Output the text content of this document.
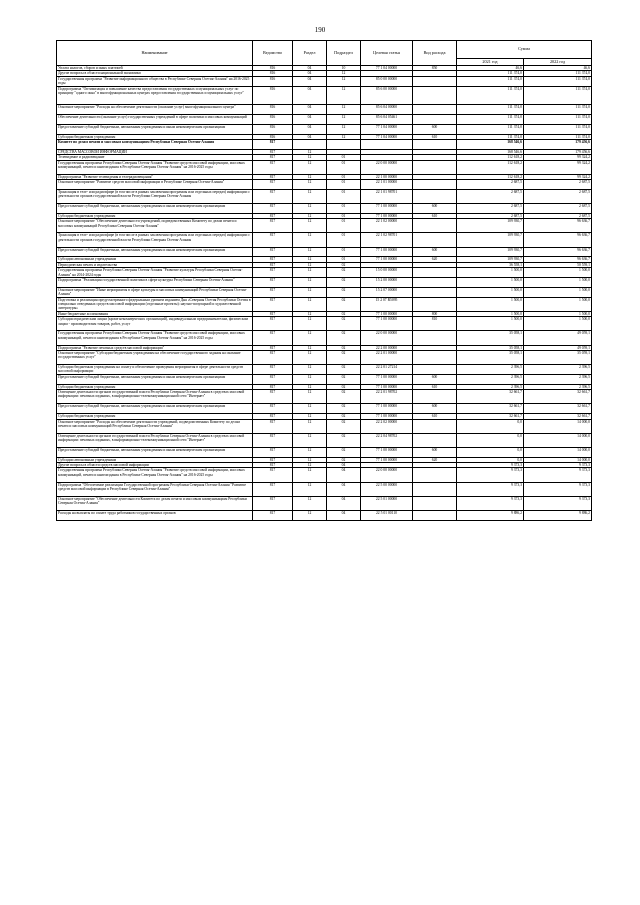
190
Наименование	Ведомство	Раздел	Подраздел	Целевая статья	Вид расхода	Сумма	
						2021 год	2022 год
Уплата налогов, сборов и иных платежей	816	04	10	77 1 04 00000	850	46,6	46,6
Другие вопросы в области национальной экономики	816	04	12			111 374,0	111 374,0
Государственная программа "Развитие информационного общества в Республике Северная Осетия-Алания" на 2016-2025 годы	816	04	12	85 0 00 00000		111 374,0	111 374,0
Подпрограмма "Оптимизация и повышение качества предоставления государственных и муниципальных услуг по принципу "одного окна" в многофункциональных центрах предоставления государственных и муниципальных услуг"	816	04	12	85 6 00 00000		111 374,0	111 374,0
Основное мероприятие "Расходы на обеспечение деятельности (оказание услуг) многофункционального центра"	816	04	12	85 6 04 00000		111 374,0	111 374,0
Обеспечение деятельности (оказание услуг) государственных учреждений в сфере политики и массовых коммуникаций	816	04	12	85 6 04 05461		111 374,0	111 374,0
Предоставление субсидий бюджетным, автономным учреждениям и иным некоммерческим организациям	816	04	12	77 1 04 00000	600	111 374,0	111 374,0
Субсидии бюджетным учреждениям	816	04	12	77 1 04 00000	610	111 374,0	111 374,0
Комитет по делам печати и массовым коммуникациям Республики Северная Осетия-Алания	817					168 546,6	179 456,6
СРЕДСТВА МАССОВОЙ ИНФОРМАЦИИ	817	12				168 546,6	179 456,6
Телевидение и радиовещание	817	12	01			112 618,2	99 324,2
Государственная программа Республики Северная Осетия-Алания "Развитие средств массовой информации, массовых коммуникаций, печати и книгоиздания в Республике Северная Осетия-Алания" на 2016-2025 годы	817	12	01	22 0 00 00000		112 618,2	99 324,2
Подпрограмма "Развитие телевидения и телерадиовещания"	817	12	01	22 1 00 00000		112 618,2	99 324,2
Основное мероприятие "Развитие средств массовой информации в Республике Северная Осетия-Алания"	817	12	01	22 1 01 00000		2 687,5	2 687,5
Трансляция в теле- или радиоэфире (в том числе в рамках заключения программы или отдельных передач) информации о деятельности органов государственной власти Республики Северная Осетия-Алания	817	12	01	22 1 01 98701		2 687,5	2 687,5
Предоставление субсидий бюджетным, автономным учреждениям и иным некоммерческим организациям	817	12	01	77 1 00 00000	600	2 687,5	2 687,5
Субсидии бюджетным учреждениям	817	12	01	77 1 00 00000	610	2 687,5	2 687,5
Основное мероприятие "Обеспечение деятельности учреждений, подведомственных Комитету по делам печати и массовых коммуникаций Республики Северная Осетия-Алания"	817	12	01	22 1 02 00000		109 930,7	96 636,7
Трансляция в теле- или радиоэфире (в том числе в рамках заключения программы или отдельных передач) информации о деятельности органов государственной власти Республики Северная Осетия-Алания	817	12	01	22 1 02 98701		109 930,7	96 636,7
Предоставление субсидий бюджетным, автономным учреждениям и иным некоммерческим организациям	817	12	01	77 1 00 00000	600	109 930,7	96 636,7
Субсидии автономным учреждениям	817	12	01	77 1 00 00000	620	109 930,7	96 636,7
Периодическая печать и издательства	817	12	02			36 558,1	50 559,1
Государственная программа Республики Северная Осетия-Алания "Развитие культуры Республики Северная Осетия-Алания" на 2014-2024 годы	817	12	02	15 0 00 00000		1 500,0	1 500,0
Подпрограмма "Реализация государственной политики в сфере культуры Республики Северная Осетия-Алания"	817	12	02	15 2 00 00000		1 500,0	1 500,0
Основное мероприятие "Иные мероприятия в сфере культуры и массовых коммуникаций Республики Северная Осетия-Алания"	817	12	02	15 2 07 00000		1 500,0	1 500,0
Подготовка и реализация предусмотренного федеральным уровнем изданием Дня «Северная Осетия Республики Осетия в специально отведенных средств массовой информации (отдельные проекты): научно-популярной и художественной литературы»	817	12	02	15 2 07 R5095		1 500,0	1 500,0
Иные бюджетные ассигнования	817	12	02	77 1 00 00000	800	1 500,0	1 500,0
Субсидии юридическим лицам (кроме некоммерческих организаций), индивидуальным предпринимателям, физическим лицам - производителям товаров, работ, услуг	817	12	02	77 1 00 00000	810	1 500,0	1 500,0
Государственная программа Республики Северная Осетия-Алания "Развитие средств массовой информации, массовых коммуникаций, печати и книгоиздания в Республике Северная Осетия-Алания" на 2016-2025 годы	817	12	02	22 0 00 00000		35 058,1	49 059,1
Подпрограмма "Развитие печатных средств массовой информации"	817	12	02	22 2 00 00000		35 058,1	49 059,1
Основное мероприятие "Субсидии бюджетным учреждениям на обеспечение государственного задания на оказание государственных услуг"	817	12	02	22 2 01 00000		35 058,1	35 059,1
Субсидии бюджетным учреждениям на оплату и обеспечение проведения мероприятия в сфере деятельности средств массовой информации	817	12	02	22 2 01 27214		2 396,5	2 396,5
Предоставление субсидий бюджетным, автономным учреждениям и иным некоммерческим организациям	817	12	02	77 1 00 00000	600	2 396,5	2 396,5
Субсидии бюджетным учреждениям	817	12	02	77 1 00 00000	610	2 396,5	2 396,5
Освещение деятельности органов государственной власти Республики Северная Осетия-Алания в средствах массовой информации: печатных изданиях, в информационно-телекоммуникационной сети "Интернет"	817	12	02	22 2 01 98702		32 661,7	32 661,7
Предоставление субсидий бюджетным, автономным учреждениям и иным некоммерческим организациям	817	12	02	77 1 00 00000	600	32 661,7	32 661,7
Субсидии бюджетным учреждениям	817	12	02	77 1 00 00000	610	32 661,7	32 661,7
Основное мероприятие "Расходы на обеспечение деятельности учреждений, подведомственных Комитету по делам печати и массовых коммуникаций Республики Северная Осетия-Алания"	817	12	02	22 2 02 00000		0,0	14 000,0
Освещение деятельности органов государственной власти Республики Северная Осетия-Алания в средствах массовой информации: печатных изданиях, в информационно-телекоммуникационной сети "Интернет"	817	12	02	22 2 04 98702		0,0	14 000,0
Предоставление субсидий бюджетным, автономным учреждениям и иным некоммерческим организациям	817	12	02	77 1 00 00000	600	0,0	14 000,0
Субсидии автономным учреждениям	817	12	02	77 1 00 00000	620	0,0	14 000,0
Другие вопросы в области средств массовой информации	817	12	04			9 373,3	9 373,3
Государственная программа Республики Северная Осетия-Алания "Развитие средств массовой информации, массовых коммуникаций, печати и книгоиздания в Республике Северная Осетия-Алания" на 2016-2025 годы	817	12	04	22 0 00 00000		9 373,3	9 373,3
Подпрограмма "Обеспечение реализации Государственной программы Республики Северная Осетия-Алания "Развитие средств массовой информации в Республике Северная Осетия-Алания"	817	12	04	22 5 00 00000		9 373,3	9 373,3
Основное мероприятие "Обеспечение деятельности Комитета по делам печати и массовым коммуникациям Республики Северная Осетия-Алания"	817	12	04	22 5 01 00000		9 373,3	9 373,3
Расходы на выплаты по оплате труда работников государственных органов	817	12	04	22 5 01 00110		9 886,2	9 886,2
